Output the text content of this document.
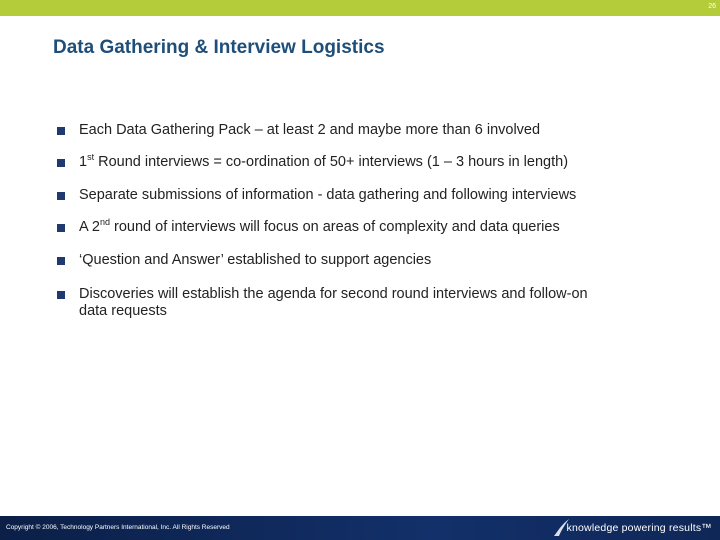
26
Data Gathering & Interview Logistics
Each Data Gathering Pack – at least 2 and maybe more than 6 involved
1st Round interviews = co-ordination of 50+ interviews (1 – 3 hours in length)
Separate submissions of information - data gathering and following interviews
A 2nd round of interviews will focus on areas of complexity and data queries
‘Question and Answer’ established to support agencies
Discoveries will establish the agenda for second round interviews and follow-on
data requests
Copyright © 2006, Technology Partners International, Inc. All Rights Reserved	knowledge powering results™
